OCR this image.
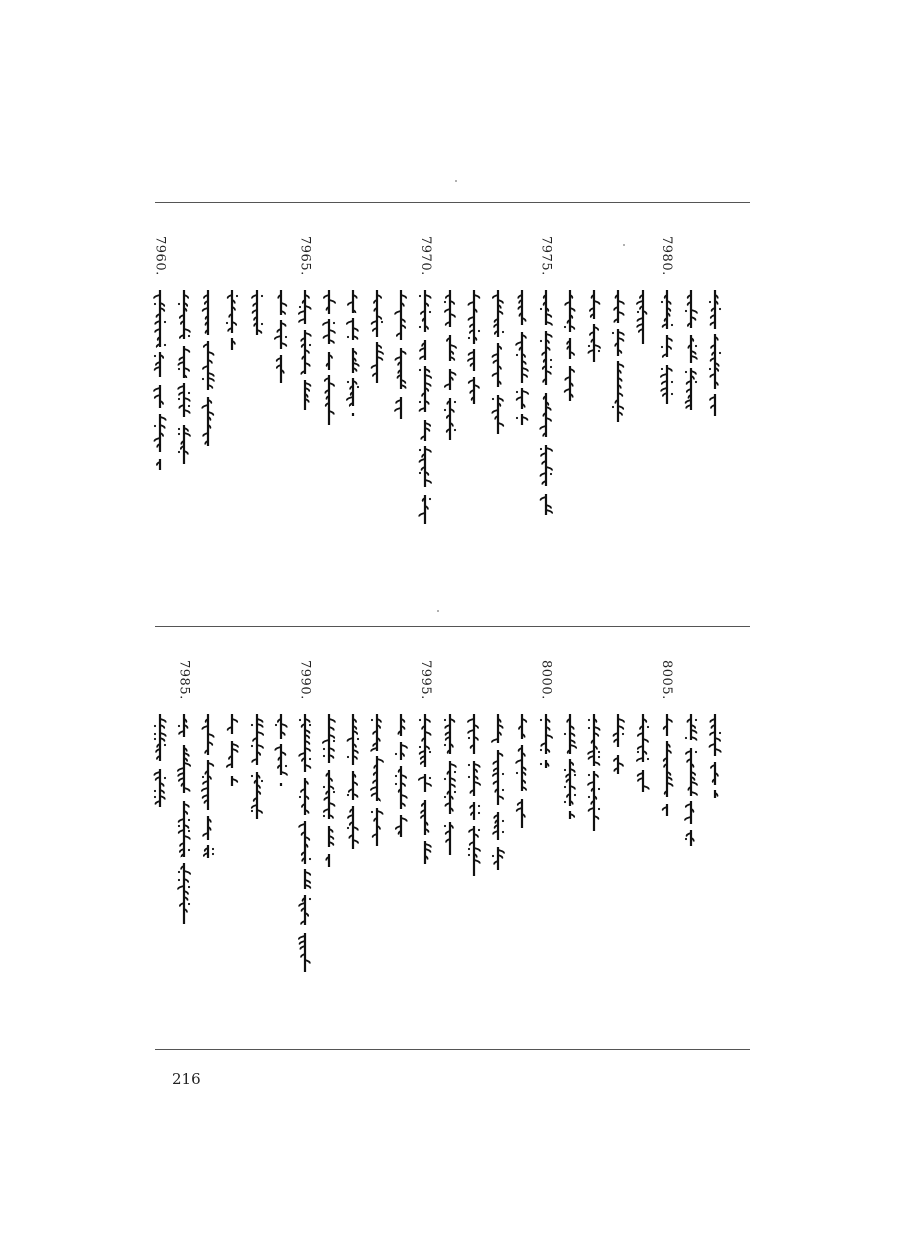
7980.
7975.
7970.
7965.
7960.
8005.
8000.
7995.
7990.
7985.
216
